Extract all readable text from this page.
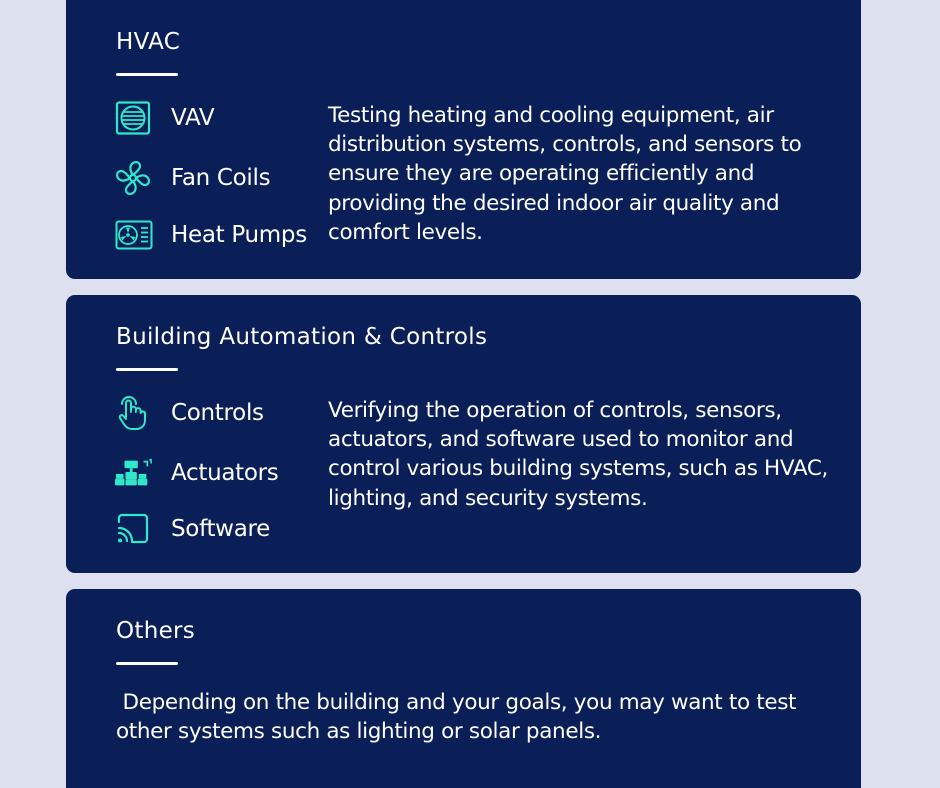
HVAC
VAV
Fan Coils
Heat Pumps
Testing heating and cooling equipment, air distribution systems, controls, and sensors to ensure they are operating efficiently and providing the desired indoor air quality and comfort levels.
Building Automation & Controls
Controls
Actuators
Software
Verifying the operation of controls, sensors, actuators, and software used to monitor and control various building systems, such as HVAC, lighting, and security systems.
Others
Depending on the building and your goals, you may want to test other systems such as lighting or solar panels.
